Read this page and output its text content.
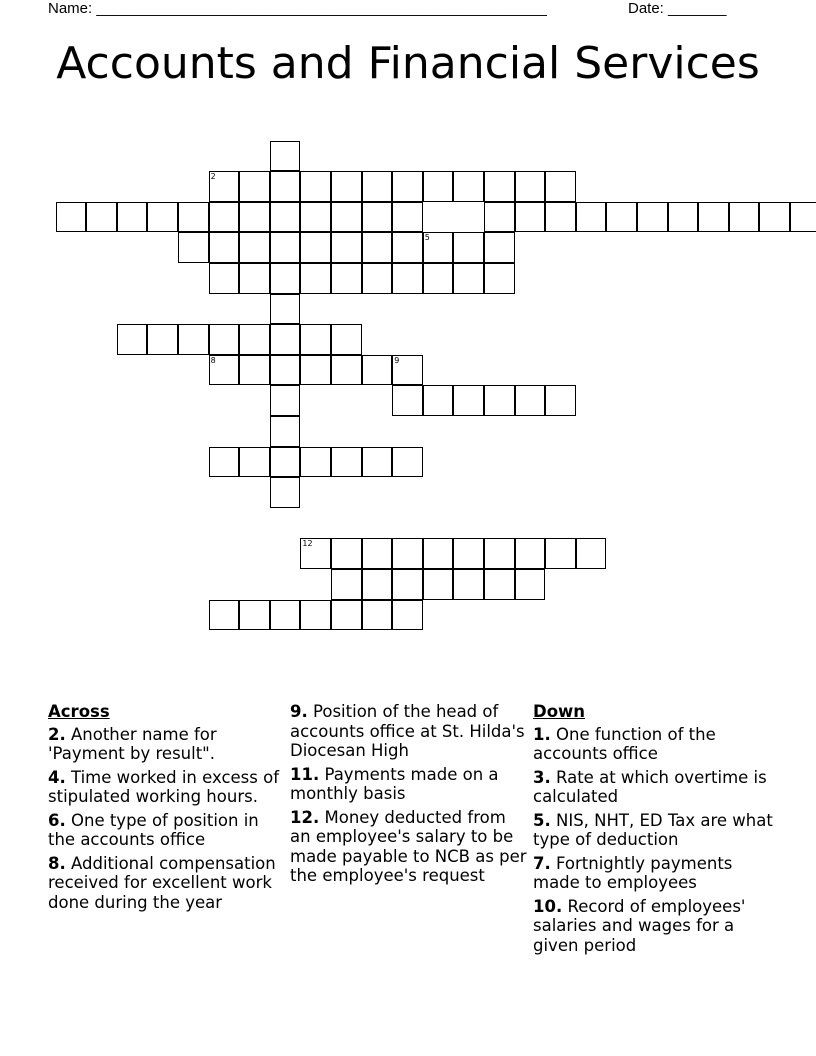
Name: ______________________________________________________	Date: _______
Accounts and Financial Services
2
12
8	9
5
Across
2. Another name for 'Payment by result".
4. Time worked in excess of stipulated working hours.
6. One type of position in the accounts office
8. Additional compensation received for excellent work done during the year
9. Position of the head of accounts office at St. Hilda's Diocesan High
11. Payments made on a monthly basis
12. Money deducted from an employee's salary to be made payable to NCB as per the employee's request
Down
1. One function of the accounts office
3. Rate at which overtime is calculated
5. NIS, NHT, ED Tax are what type of deduction
7. Fortnightly payments made to employees
10. Record of employees' salaries and wages for a given period
